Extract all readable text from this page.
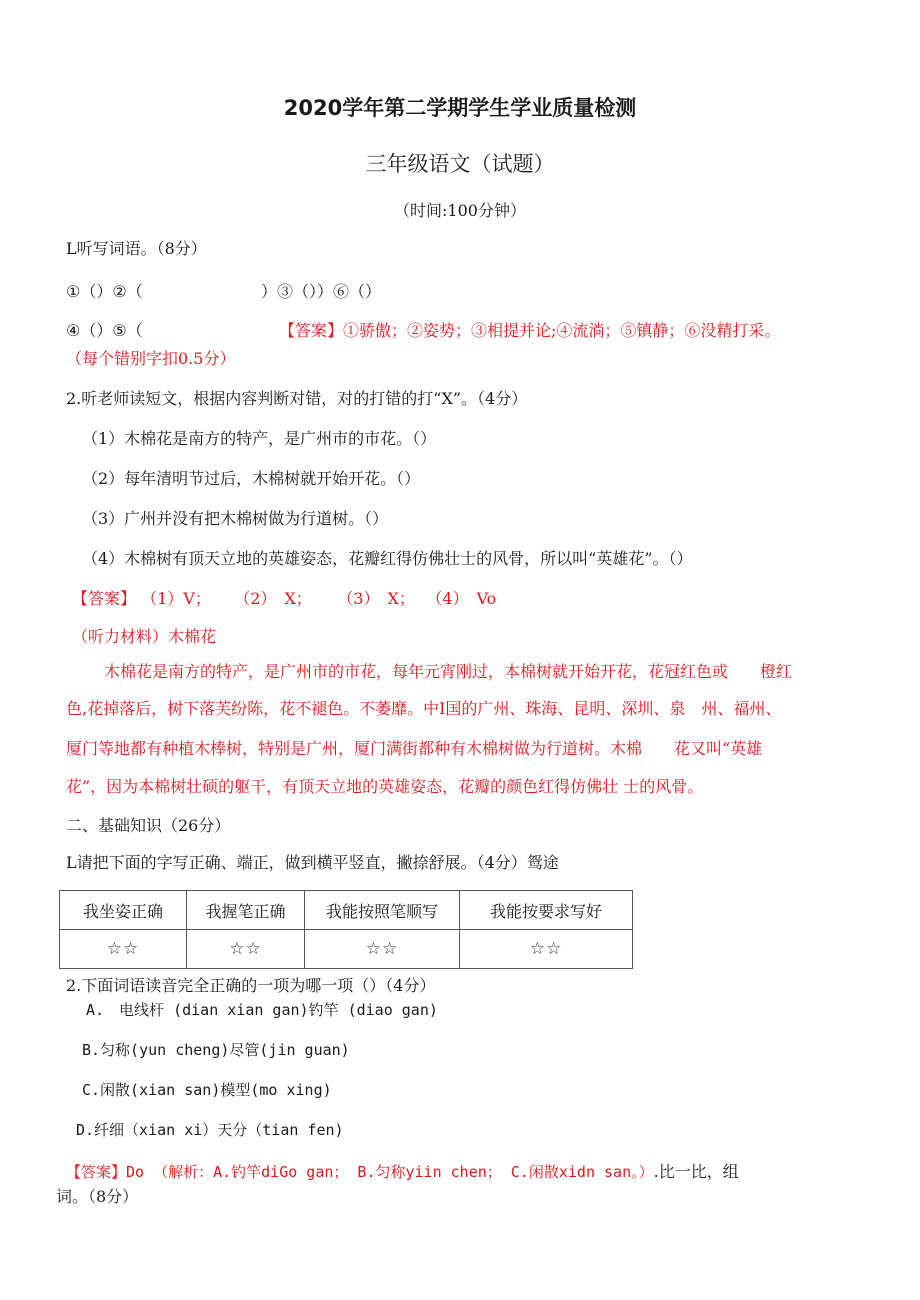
2020学年第二学期学生学业质量检测
三年级语文（试题）
（时间:100分钟）
L听写词语。（8分）
①（）②（	）③（））⑥（）
④（）⑤（	【答案】①骄傲；②姿势；③相提并论;④流淌；⑤镇静；⑥没精打采。
（每个错别字扣0.5分）
2.听老师读短文，根据内容判断对错，对的打错的打“X”。（4分）
（1）木棉花是南方的特产，是广州市的市花。（）
（2）每年清明节过后，木棉树就开始开花。（）
（3）广州并没有把木棉树做为行道树。（）
（4）木棉树有顶天立地的英雄姿态，花瓣红得仿佛壮士的风骨，所以叫“英雄花”。（）
【答案】 （1）V； （2）　X； （3）　X； （4）　Vo
（听力材料）木棉花
木棉花是南方的特产，是广州市的市花，每年元宵刚过，本棉树就开始开花，花冠红色或　　橙红
色,花掉落后，树下落芙纷陈，花不褪色。不萎靡。中I国的广州、珠海、昆明、深圳、泉　州、福州、
厦门等地都有种植木棒树，特别是广州，厦门满街都种有木棉树做为行道树。木棉　　花又叫“英雄
花”，因为本棉树壮硕的躯干，有顶天立地的英雄姿态，花瓣的颜色红得仿佛壮 士的风骨。
二、基础知识（26分）
L请把下面的字写正确、端正，做到横平竖直，撇捺舒展。（4分）鸳途
我坐姿正确	我握笔正确	我能按照笔顺写	我能按要求写好
☆☆	☆☆	☆☆	☆☆
2.下面词语读音完全正确的一项为哪一项（）（4分）
A.　电线杆 (dian xian gan)钓竿 (diao gan)
B.匀称(yun cheng)尽管(jin guan)
C.闲散(xian san)模型(mo xing)
D.纤细（xian xi）天分（tian fen)
【答案】Do （解析：A.钓竿diGo gan； B.匀称yiin chen； C.闲散xidn san。）.比一比，组
词。（8分）
